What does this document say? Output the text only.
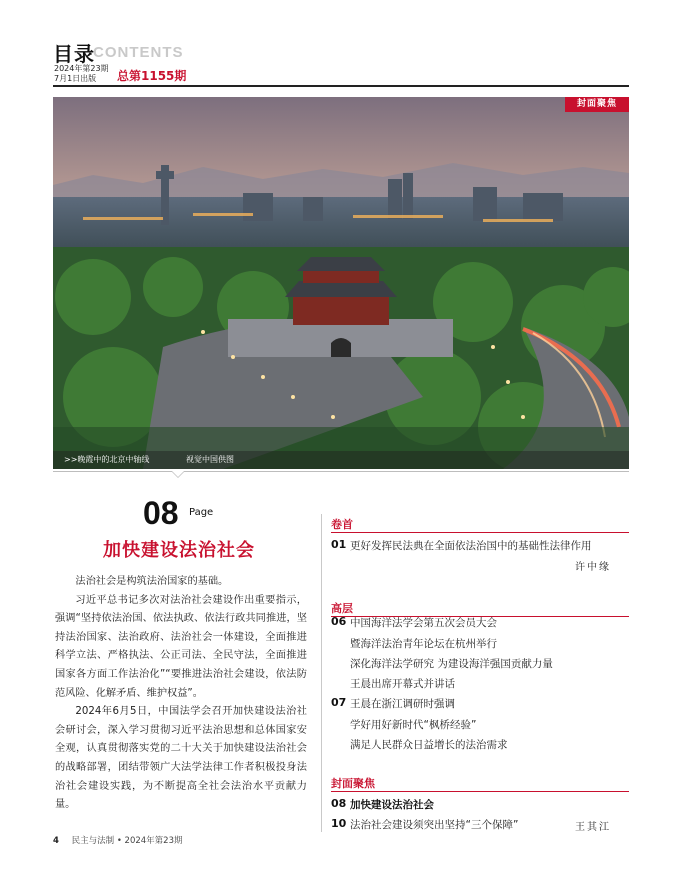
目录
CONTENTS
2024年第23期
7月1日出版	总第1155期
封面聚焦
>>晚霞中的北京中轴线	视觉中国供图
08 Page
加快建设法治社会

法治社会是构筑法治国家的基础。

习近平总书记多次对法治社会建设作出重要指示，强调“坚持依法治国、依法执政、依法行政共同推进，坚持法治国家、法治政府、法治社会一体建设，全面推进科学立法、严格执法、公正司法、全民守法，全面推进国家各方面工作法治化”“要推进法治社会建设，依法防范风险、化解矛盾、维护权益”。

2024年6月5日，中国法学会召开加快建设法治社会研讨会，深入学习贯彻习近平法治思想和总体国家安全观，认真贯彻落实党的二十大关于加快建设法治社会的战略部署，团结带领广大法学法律工作者积极投身法治社会建设实践，为不断提高全社会法治水平贡献力量。

卷首
01 更好发挥民法典在全面依法治国中的基础性法律作用
许中缘
高层
06 中国海洋法学会第五次会员大会
暨海洋法治青年论坛在杭州举行
深化海洋法学研究 为建设海洋强国贡献力量
王晨出席开幕式并讲话
07 王晨在浙江调研时强调
学好用好新时代“枫桥经验”
满足人民群众日益增长的法治需求
封面聚焦
08 加快建设法治社会
10 法治社会建设须突出坚持“三个保障”	王其江
4 民主与法制 • 2024年第23期
